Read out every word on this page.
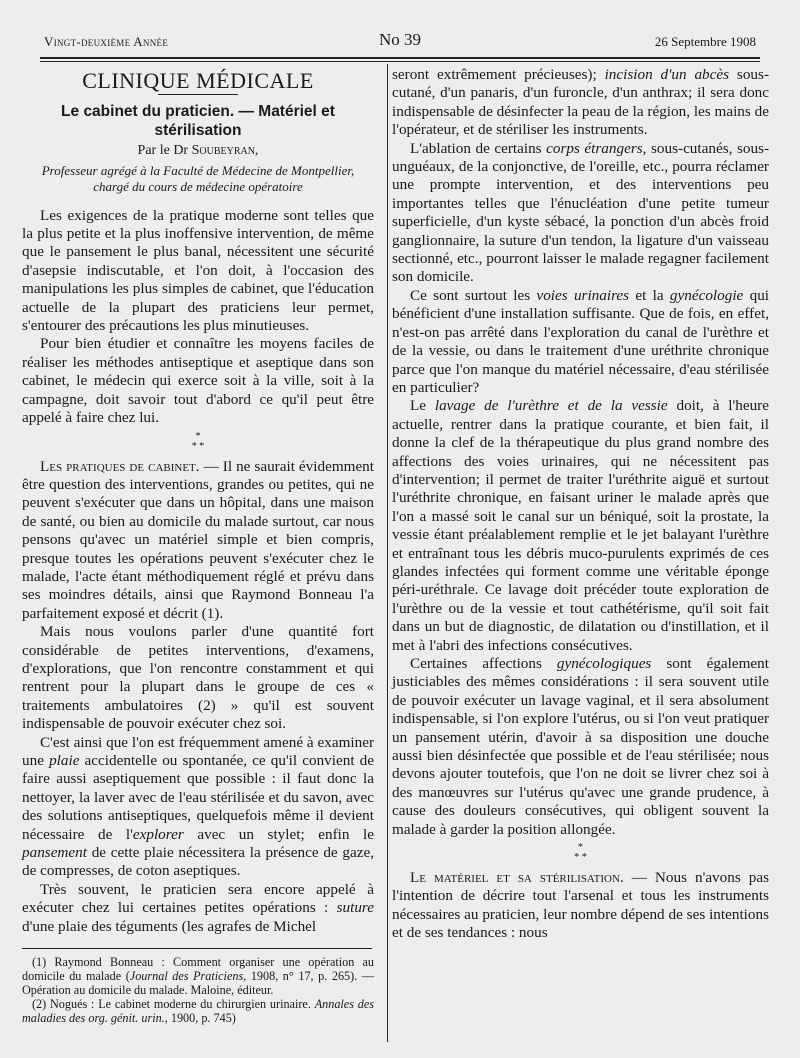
Vingt-deuxième Année	No 39	26 Septembre 1908
CLINIQUE MÉDICALE
Le cabinet du praticien. — Matériel et stérilisation
Par le Dr Soubeyran,
Professeur agrégé à la Faculté de Médecine de Montpellier,
chargé du cours de médecine opératoire

Les exigences de la pratique moderne sont telles que la plus petite et la plus inoffensive intervention, de même que le pansement le plus banal, nécessitent une sécurité d'asepsie indiscutable, et l'on doit, à l'occasion des manipulations les plus simples de cabinet, que l'éducation actuelle de la plupart des praticiens leur permet, s'entourer des précautions les plus minutieuses.

Pour bien étudier et connaître les moyens faciles de réaliser les méthodes antiseptique et aseptique dans son cabinet, le médecin qui exerce soit à la ville, soit à la campagne, doit savoir tout d'abord ce qu'il peut être appelé à faire chez lui.

*
* *

Les pratiques de cabinet. — Il ne saurait évidemment être question des interventions, grandes ou petites, qui ne peuvent s'exécuter que dans un hôpital, dans une maison de santé, ou bien au domicile du malade surtout, car nous pensons qu'avec un matériel simple et bien compris, presque toutes les opérations peuvent s'exécuter chez le malade, l'acte étant méthodiquement réglé et prévu dans ses moindres détails, ainsi que Raymond Bonneau l'a parfaitement exposé et décrit (1).

Mais nous voulons parler d'une quantité fort considérable de petites interventions, d'examens, d'explorations, que l'on rencontre constamment et qui rentrent pour la plupart dans le groupe de ces « traitements ambulatoires (2) » qu'il est souvent indispensable de pouvoir exécuter chez soi.

C'est ainsi que l'on est fréquemment amené à examiner une plaie accidentelle ou spontanée, ce qu'il convient de faire aussi aseptiquement que possible : il faut donc la nettoyer, la laver avec de l'eau stérilisée et du savon, avec des solutions antiseptiques, quelquefois même il devient nécessaire de l'explorer avec un stylet; enfin le pansement de cette plaie nécessitera la présence de gaze, de compresses, de coton aseptiques.

Très souvent, le praticien sera encore appelé à exécuter chez lui certaines petites opérations : suture d'une plaie des téguments (les agrafes de Michel

(1) Raymond Bonneau : Comment organiser une opération au domicile du malade (Journal des Praticiens, 1908, n° 17, p. 265). — Opération au domicile du malade. Maloine, éditeur.

(2) Nogués : Le cabinet moderne du chirurgien urinaire. Annales des maladies des org. génit. urin., 1900, p. 745)

seront extrêmement précieuses); incision d'un abcès sous-cutané, d'un panaris, d'un furoncle, d'un anthrax; il sera donc indispensable de désinfecter la peau de la région, les mains de l'opérateur, et de stériliser les instruments.

L'ablation de certains corps étrangers, sous-cutanés, sous-unguéaux, de la conjonctive, de l'oreille, etc., pourra réclamer une prompte intervention, et des interventions peu importantes telles que l'énucléation d'une petite tumeur superficielle, d'un kyste sébacé, la ponction d'un abcès froid ganglionnaire, la suture d'un tendon, la ligature d'un vaisseau sectionné, etc., pourront laisser le malade regagner facilement son domicile.

Ce sont surtout les voies urinaires et la gynécologie qui bénéficient d'une installation suffisante. Que de fois, en effet, n'est-on pas arrêté dans l'exploration du canal de l'urèthre et de la vessie, ou dans le traitement d'une uréthrite chronique parce que l'on manque du matériel nécessaire, d'eau stérilisée en particulier?

Le lavage de l'urèthre et de la vessie doit, à l'heure actuelle, rentrer dans la pratique courante, et bien fait, il donne la clef de la thérapeutique du plus grand nombre des affections des voies urinaires, qui ne nécessitent pas d'intervention; il permet de traiter l'uréthrite aiguë et surtout l'uréthrite chronique, en faisant uriner le malade après que l'on a massé soit le canal sur un béniqué, soit la prostate, la vessie étant préalablement remplie et le jet balayant l'urèthre et entraînant tous les débris muco-purulents exprimés de ces glandes infectées qui forment comme une véritable éponge péri-uréthrale. Ce lavage doit précéder toute exploration de l'urèthre ou de la vessie et tout cathétérisme, qu'il soit fait dans un but de diagnostic, de dilatation ou d'instillation, et il met à l'abri des infections consécutives.

Certaines affections gynécologiques sont également justiciables des mêmes considérations : il sera souvent utile de pouvoir exécuter un lavage vaginal, et il sera absolument indispensable, si l'on explore l'utérus, ou si l'on veut pratiquer un pansement utérin, d'avoir à sa disposition une douche aussi bien désinfectée que possible et de l'eau stérilisée; nous devons ajouter toutefois, que l'on ne doit se livrer chez soi à des manœuvres sur l'utérus qu'avec une grande prudence, à cause des douleurs consécutives, qui obligent souvent la malade à garder la position allongée.

*
* *

Le matériel et sa stérilisation. — Nous n'avons pas l'intention de décrire tout l'arsenal et tous les instruments nécessaires au praticien, leur nombre dépend de ses intentions et de ses tendances : nous
